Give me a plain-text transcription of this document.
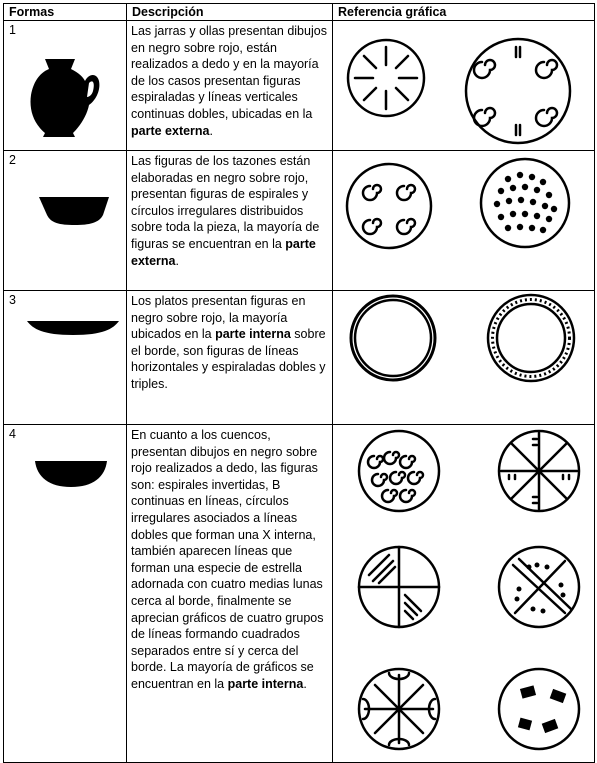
Formas	Descripción	Referencia gráfica
1	Las jarras y ollas presentan dibujos en negro sobre rojo, están realizados a dedo y en la mayoría de los casos presentan figuras espiraladas y líneas verticales continuas dobles, ubicadas en la parte externa.	

2	Las figuras de los tazones están elaboradas en negro sobre rojo, presentan figuras de espirales y círculos irregulares distribuidos sobre toda la pieza, la mayoría de figuras se encuentran en la parte externa.	

3	Los platos presentan figuras en negro sobre rojo, la mayoría ubicados en la parte interna sobre el borde, son figuras de líneas horizontales y espiraladas dobles y triples.	

4	En cuanto a los cuencos, presentan dibujos en negro sobre rojo realizados a dedo, las figuras son: espirales invertidas, B continuas en líneas, círculos irregulares asociados a líneas dobles que forman una X interna, también aparecen líneas que forman una especie de estrella adornada con cuatro medias lunas cerca al borde, finalmente se aprecian gráficos de cuatro grupos de líneas formando cuadrados separados entre sí y cerca del borde. La mayoría de gráficos se encuentran en la parte interna.	
